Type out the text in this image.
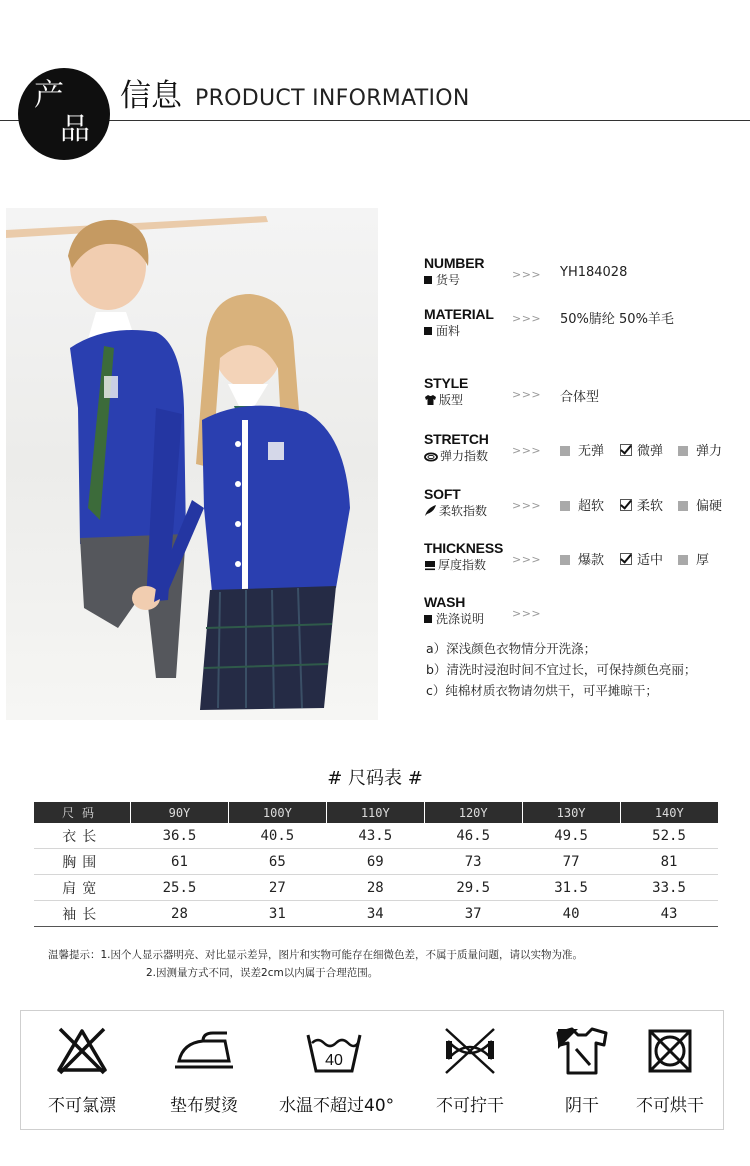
产
品
信息 PRODUCT INFORMATION
NUMBER
货号	>>> YH184028
MATERIAL
面料
>>> 50%腈纶 50%羊毛
STYLE
版型	>>> 合体型
STRETCH
弹力指数 >>>	无弹	微弹	弹力
SOFT
柔软指数 >>>	超软	柔软	偏硬
THICKNESS
厚度指数	>>>	爆款	适中	厚
WASH
洗涤说明	>>>
a）深浅颜色衣物情分开洗涤；
b）清洗时浸泡时间不宜过长，可保持颜色亮丽；
c）纯棉材质衣物请勿烘干，可平摊晾干；
# 尺码表 #
尺码	90Y	100Y	110Y	120Y	130Y	140Y
衣长	36.5	40.5	43.5	46.5	49.5	52.5
胸围	61	65	69	73	77	81
肩宽	25.5	27	28	29.5	31.5	33.5
袖长	28	31	34	37	40	43
温馨提示：1.因个人显示器明亮、对比显示差异，图片和实物可能存在细微色差，不属于质量问题，请以实物为准。
2.因测量方式不同，误差2cm以内属于合理范围。
不可氯漂	垫布熨烫
40
水温不超过40°	不可拧干	阴干	不可烘干
